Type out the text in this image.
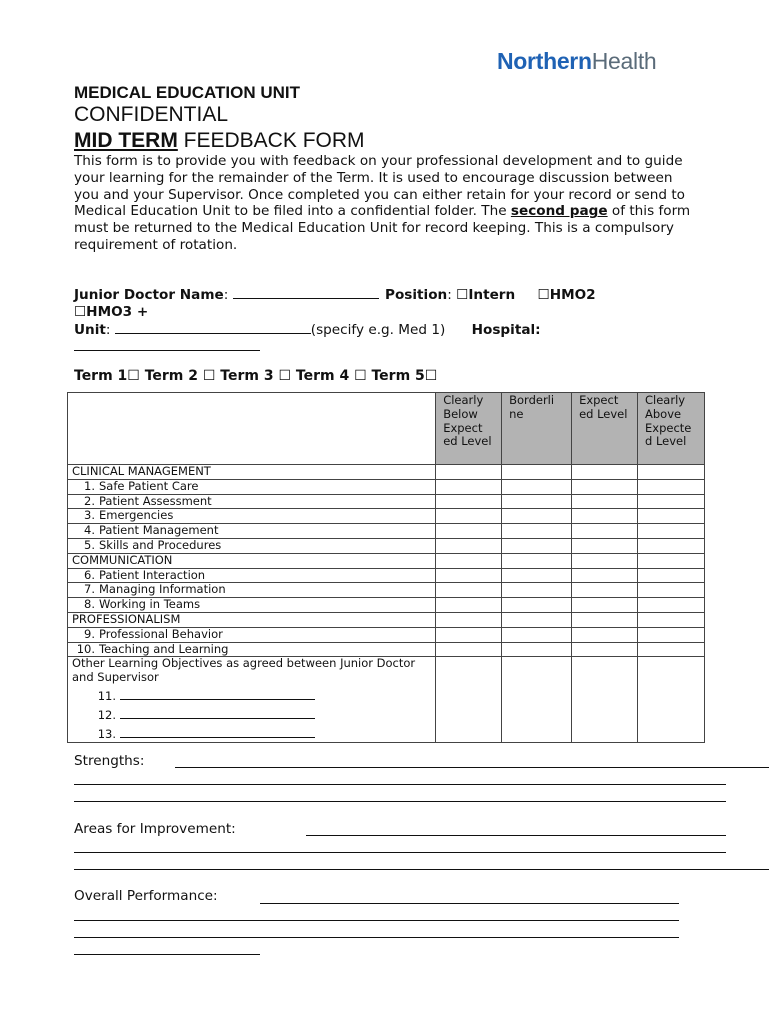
NorthernHealth
MEDICAL EDUCATION UNIT
CONFIDENTIAL
MID TERM FEEDBACK FORM
This form is to provide you with feedback on your professional development and to guide your learning for the remainder of the Term. It is used to encourage discussion between you and your Supervisor. Once completed you can either retain for your record or send to Medical Education Unit to be filed into a confidential folder. The second page of this form must be returned to the Medical Education Unit for record keeping. This is a compulsory requirement of rotation.
Junior Doctor Name:	Position: ☐Intern ☐HMO2
☐HMO3 +
Unit:	(specify e.g. Med 1) Hospital:
Term 1☐ Term 2 ☐ Term 3 ☐ Term 4 ☐ Term 5☐
	Clearly Below Expect ed Level	Borderli ne	Expect ed Level	Clearly Above Expecte d Level
CLINICAL MANAGEMENT				
1. Safe Patient Care				
2. Patient Assessment				
3. Emergencies				
4. Patient Management				
5. Skills and Procedures				
COMMUNICATION				
6. Patient Interaction				
7. Managing Information				
8. Working in Teams				
PROFESSIONALISM				
9. Professional Behavior				
10. Teaching and Learning				

Other Learning Objectives as agreed between Junior Doctor and Supervisor
11.
12.
13.				

Strengths:
Areas for Improvement:
Overall Performance:
